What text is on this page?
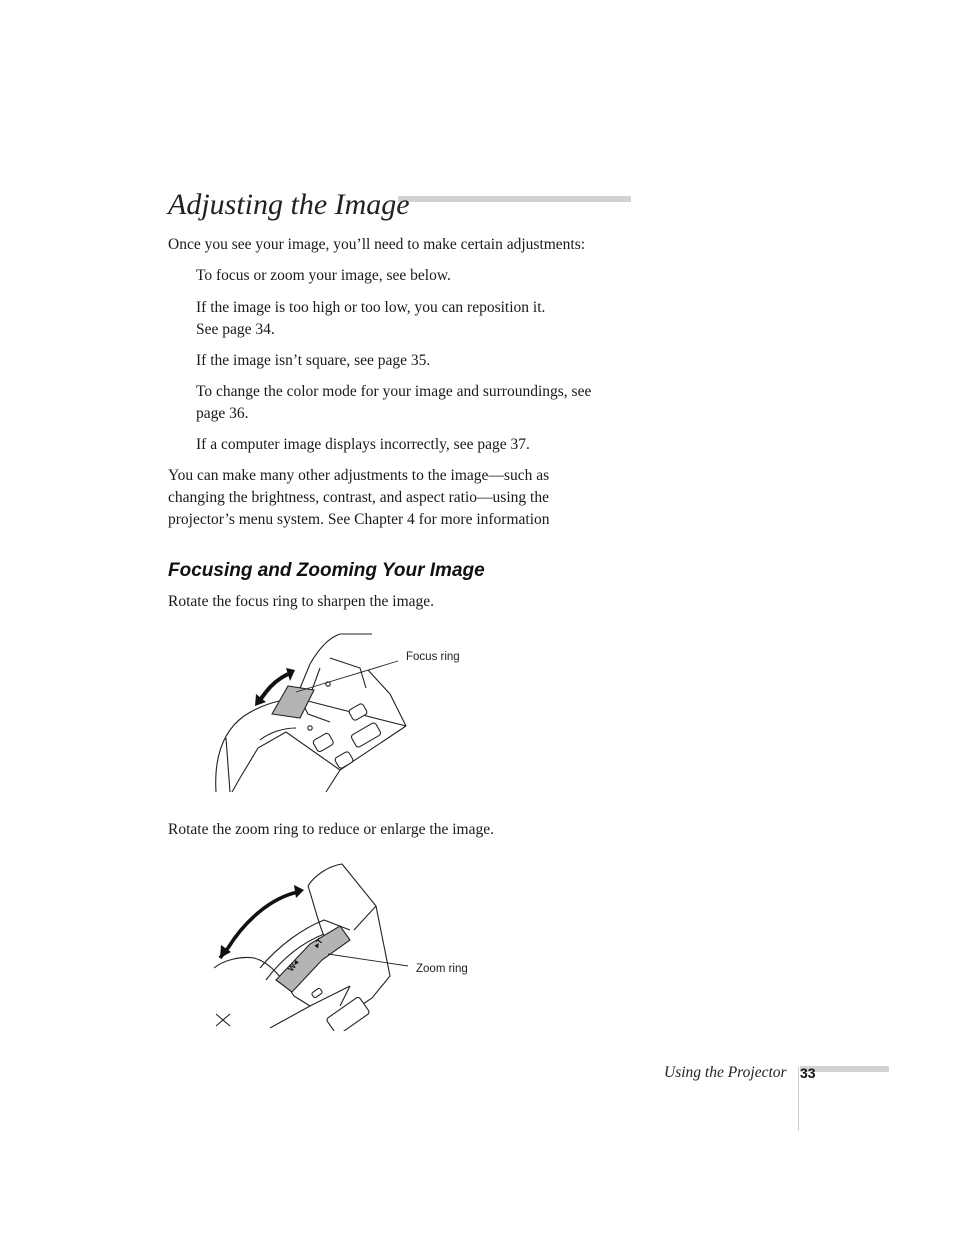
Adjusting the Image

Once you see your image, you’ll need to make certain adjustments:

To focus or zoom your image, see below.

If the image is too high or too low, you can reposition it.
See page 34.

If the image isn’t square, see page 35.

To change the color mode for your image and surroundings, see
page 36.

If a computer image displays incorrectly, see page 37.

You can make many other adjustments to the image—such as
changing the brightness, contrast, and aspect ratio—using the
projector’s menu system. See Chapter 4 for more information

Focusing and Zooming Your Image

Rotate the focus ring to sharpen the image.

Focus ring

Rotate the zoom ring to reduce or enlarge the image.

W◂
▸T
Zoom ring
Using the Projector 33
